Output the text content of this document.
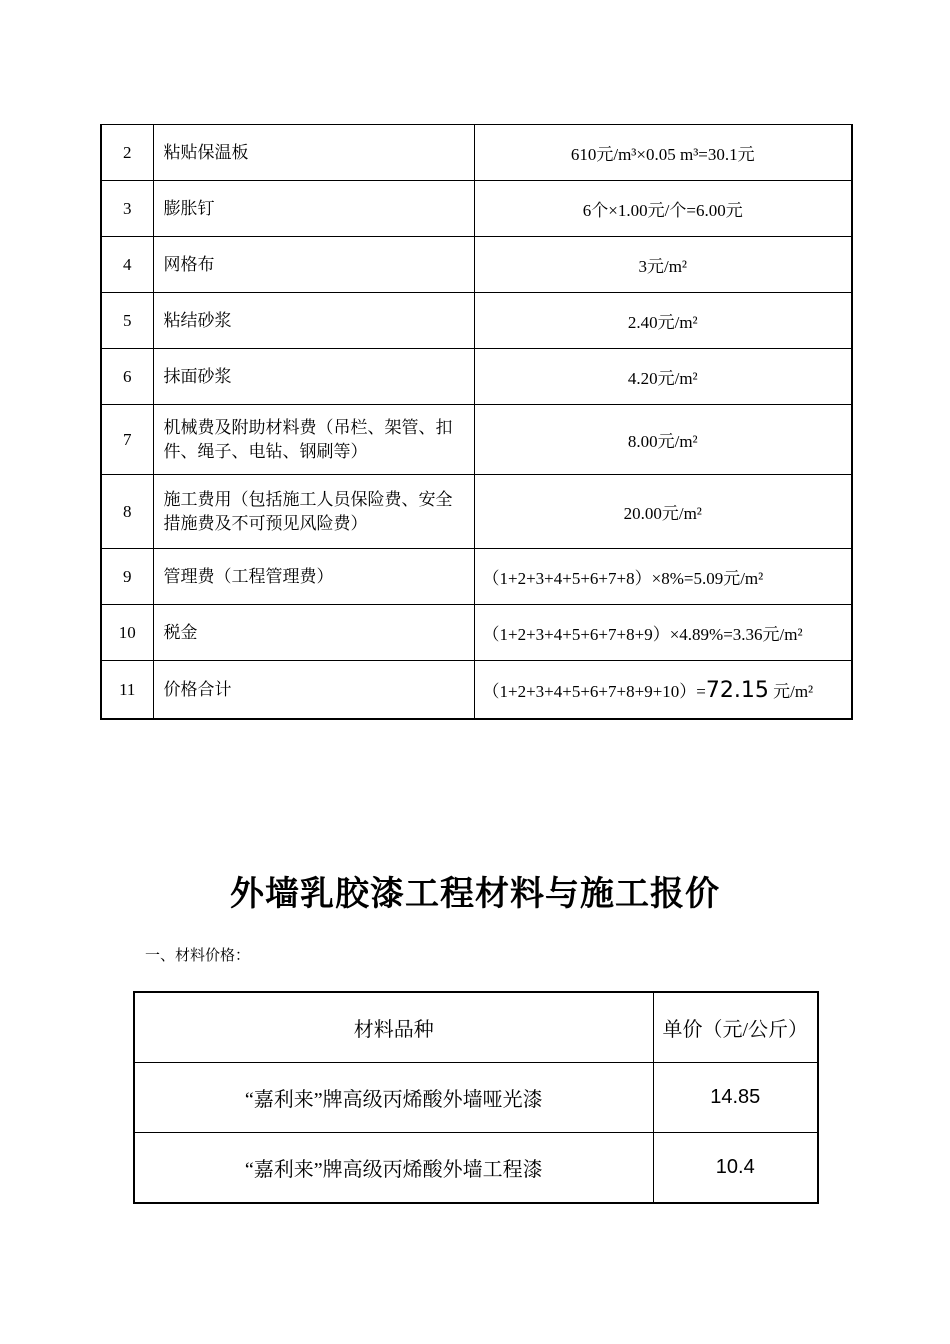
2	粘贴保温板	610元/m³×0.05 m³=30.1元
3	膨胀钉	6个×1.00元/个=6.00元
4	网格布	3元/m²
5	粘结砂浆	2.40元/m²
6	抹面砂浆	4.20元/m²
7	机械费及附助材料费（吊栏、架管、扣件、绳子、电钻、钢刷等）	8.00元/m²
8	施工费用（包括施工人员保险费、安全措施费及不可预见风险费）	20.00元/m²
9	管理费（工程管理费）	（1+2+3+4+5+6+7+8）×8%=5.09元/m²
10	税金	（1+2+3+4+5+6+7+8+9）×4.89%=3.36元/m²
11	价格合计	（1+2+3+4+5+6+7+8+9+10）=72.15 元/m²
外墙乳胶漆工程材料与施工报价
一、材料价格：
材料品种	单价（元/公斤）
“嘉利来”牌高级丙烯酸外墙哑光漆	14.85
“嘉利来”牌高级丙烯酸外墙工程漆	10.4
